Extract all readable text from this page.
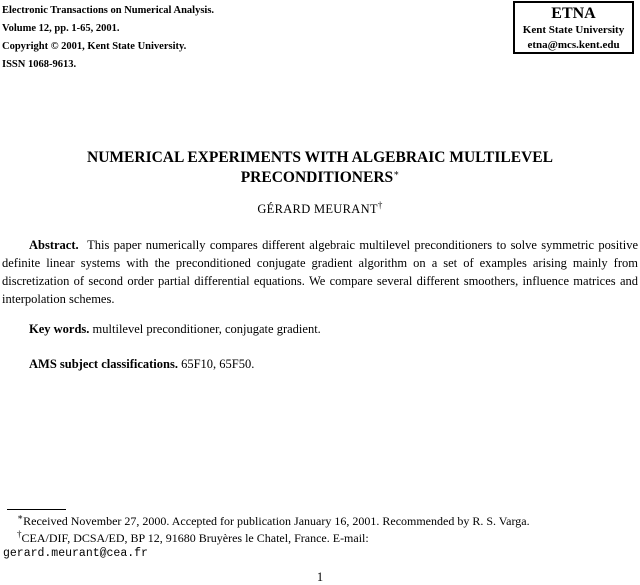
Electronic Transactions on Numerical Analysis.
Volume 12, pp. 1-65, 2001.
Copyright © 2001, Kent State University.
ISSN 1068-9613.
ETNA
Kent State University
etna@mcs.kent.edu
NUMERICAL EXPERIMENTS WITH ALGEBRAIC MULTILEVEL
PRECONDITIONERS∗
GÉRARD MEURANT†
Abstract. This paper numerically compares different algebraic multilevel preconditioners to solve symmetric positive definite linear systems with the preconditioned conjugate gradient algorithm on a set of examples arising mainly from discretization of second order partial differential equations. We compare several different smoothers, influence matrices and interpolation schemes.
Key words. multilevel preconditioner, conjugate gradient.
AMS subject classifications. 65F10, 65F50.
∗Received November 27, 2000. Accepted for publication January 16, 2001. Recommended by R. S. Varga.
†CEA/DIF, DCSA/ED, BP 12, 91680 Bruyères le Chatel, France. E-mail:
gerard.meurant@cea.fr
1
